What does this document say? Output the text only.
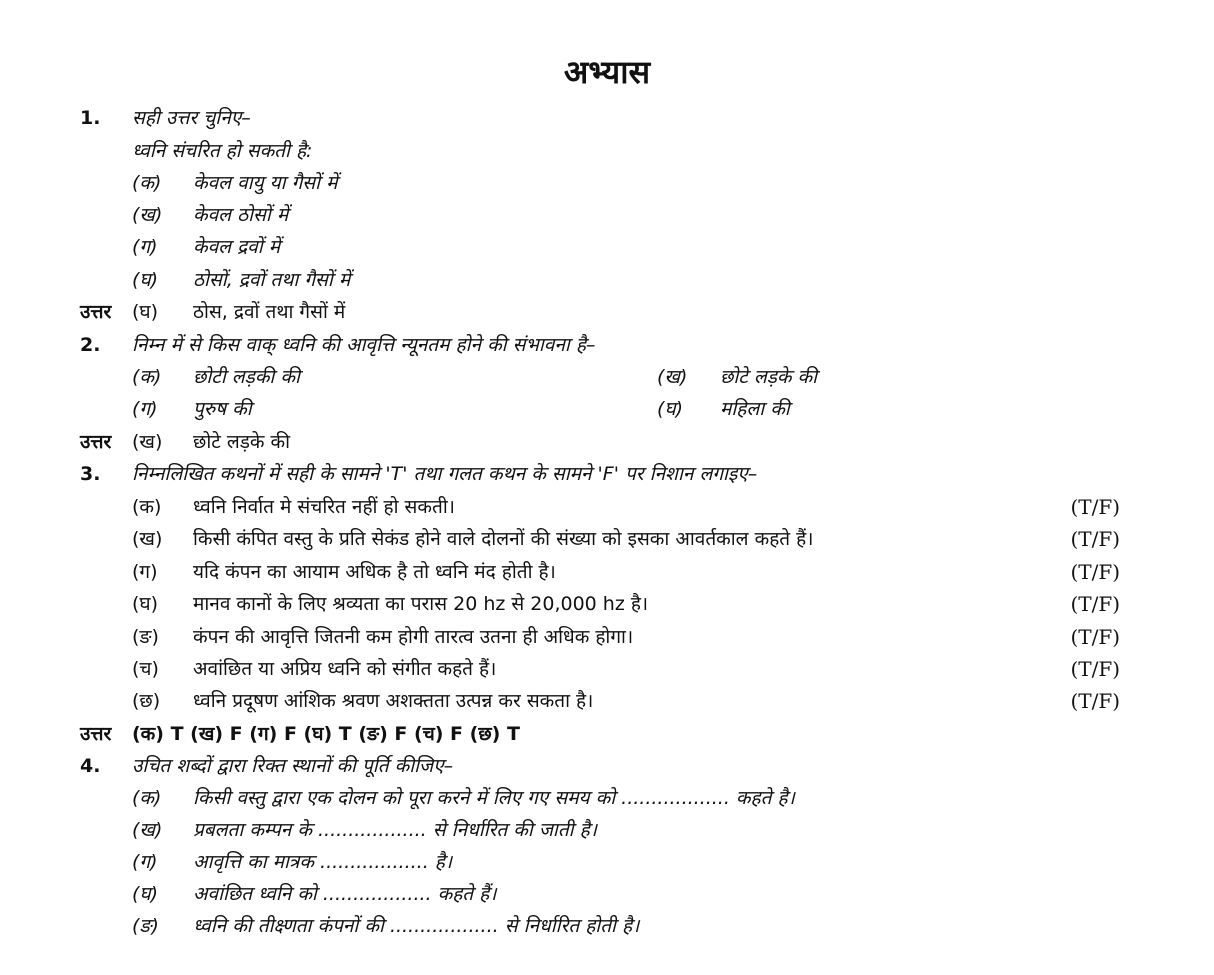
अभ्यास
1. सही उत्तर चुनिए–
ध्वनि संचरित हो सकती है:
(क) केवल वायु या गैसों में
(ख) केवल ठोसों में
(ग) केवल द्रवों में
(घ) ठोसों, द्रवों तथा गैसों में
उत्तर (घ) ठोस, द्रवों तथा गैसों में
2. निम्न में से किस वाक् ध्वनि की आवृत्ति न्यूनतम होने की संभावना है–
(क) छोटी लड़की की	(ख) छोटे लड़के की
(ग) पुरुष की	(घ) महिला की
उत्तर (ख) छोटे लड़के की
3. निम्नलिखित कथनों में सही के सामने 'T' तथा गलत कथन के सामने 'F' पर निशान लगाइए–
(क) ध्वनि निर्वात मे संचरित नहीं हो सकती।	(T/F)
(ख) किसी कंपित वस्तु के प्रति सेकंड होने वाले दोलनों की संख्या को इसका आवर्तकाल कहते हैं।	(T/F)
(ग) यदि कंपन का आयाम अधिक है तो ध्वनि मंद होती है।	(T/F)
(घ) मानव कानों के लिए श्रव्यता का परास 20 hz से 20,000 hz है।	(T/F)
(ङ) कंपन की आवृत्ति जितनी कम होगी तारत्व उतना ही अधिक होगा।	(T/F)
(च) अवांछित या अप्रिय ध्वनि को संगीत कहते हैं।	(T/F)
(छ) ध्वनि प्रदूषण आंशिक श्रवण अशक्तता उत्पन्न कर सकता है।	(T/F)
उत्तर (क) T (ख) F (ग) F (घ) T (ङ) F (च) F (छ) T
4. उचित शब्दों द्वारा रिक्त स्थानों की पूर्ति कीजिए–
(क) किसी वस्तु द्वारा एक दोलन को पूरा करने में लिए गए समय को .................. कहते है।
(ख) प्रबलता कम्पन के .................. से निर्धारित की जाती है।
(ग) आवृत्ति का मात्रक .................. है।
(घ) अवांछित ध्वनि को .................. कहते हैं।
(ङ) ध्वनि की तीक्ष्णता कंपनों की .................. से निर्धारित होती है।
